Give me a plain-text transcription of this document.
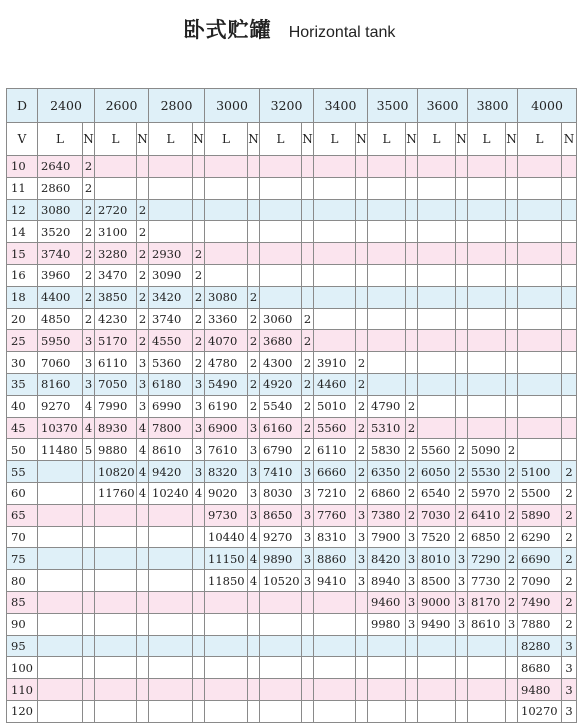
卧式贮罐 Horizontal tank
D	2400		2600		2800		3000		3200		3400		3500		3600		3800		4000	
V	L	N	L	N	L	N	L	N	L	N	L	N	L	N	L	N	L	N	L	N
10	2640	2																		
11	2860	2																		
12	3080	2	2720	2																
14	3520	2	3100	2																
15	3740	2	3280	2	2930	2														
16	3960	2	3470	2	3090	2														
18	4400	2	3850	2	3420	2	3080	2												
20	4850	2	4230	2	3740	2	3360	2	3060	2										
25	5950	3	5170	2	4550	2	4070	2	3680	2										
30	7060	3	6110	3	5360	2	4780	2	4300	2	3910	2								
35	8160	3	7050	3	6180	3	5490	2	4920	2	4460	2								
40	9270	4	7990	3	6990	3	6190	2	5540	2	5010	2	4790	2						
45	10370	4	8930	4	7800	3	6900	3	6160	2	5560	2	5310	2						
50	11480	5	9880	4	8610	3	7610	3	6790	2	6110	2	5830	2	5560	2	5090	2		
55			10820	4	9420	3	8320	3	7410	3	6660	2	6350	2	6050	2	5530	2	5100	2
60			11760	4	10240	4	9020	3	8030	3	7210	2	6860	2	6540	2	5970	2	5500	2
65							9730	3	8650	3	7760	3	7380	2	7030	2	6410	2	5890	2
70							10440	4	9270	3	8310	3	7900	3	7520	2	6850	2	6290	2
75							11150	4	9890	3	8860	3	8420	3	8010	3	7290	2	6690	2
80							11850	4	10520	3	9410	3	8940	3	8500	3	7730	2	7090	2
85													9460	3	9000	3	8170	2	7490	2
90													9980	3	9490	3	8610	3	7880	2
95																			8280	3
100																			8680	3
110																			9480	3
120																			10270	3
